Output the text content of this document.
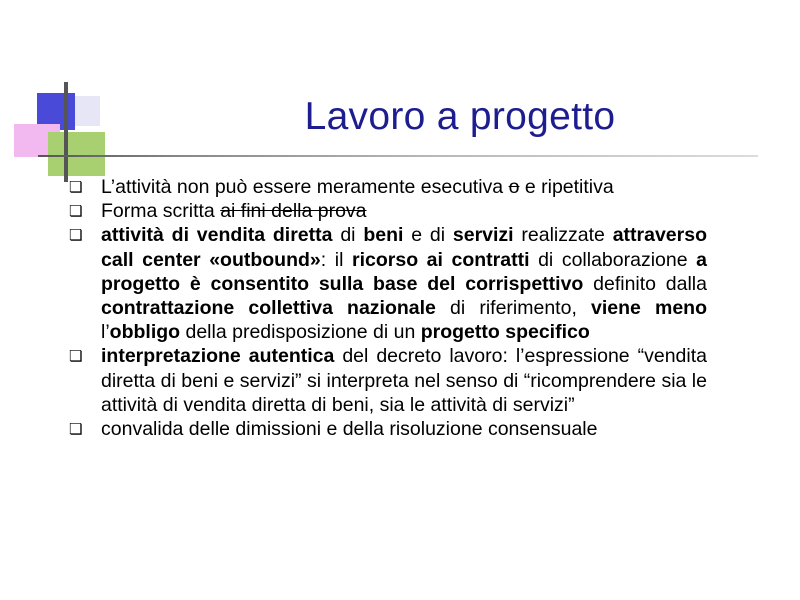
Lavoro a progetto
❏
L’attività non può essere meramente esecutiva o e ripetitiva
❏
Forma scritta ai fini della prova
❏
attività di vendita diretta di beni e di servizi realizzate attraverso call center «outbound»: il ricorso ai contratti di collaborazione a progetto è consentito sulla base del corrispettivo definito dalla contrattazione collettiva nazionale di riferimento, viene meno l’obbligo della predisposizione di un progetto specifico
❏
interpretazione autentica del decreto lavoro: l’espressione “vendita diretta di beni e servizi” si interpreta nel senso di “ricomprendere sia le attività di vendita diretta di beni, sia le attività di servizi”
❏
convalida delle dimissioni e della risoluzione consensuale
